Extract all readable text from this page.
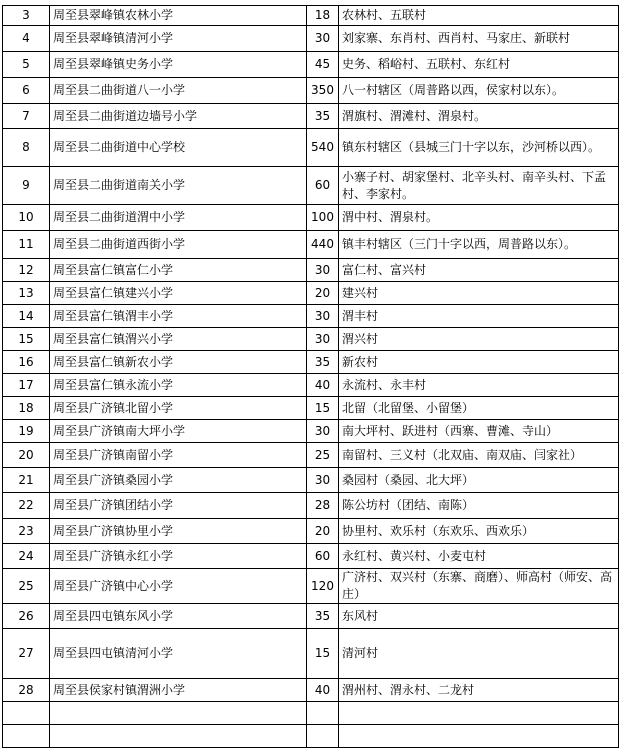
3	周至县翠峰镇农林小学	18	农林村、五联村
4	周至县翠峰镇清河小学	30	刘家寨、东肖村、西肖村、马家庄、新联村
5	周至县翠峰镇史务小学	45	史务、稻峪村、五联村、东红村
6	周至县二曲街道八一小学	350	八一村辖区（周普路以西，侯家村以东）。
7	周至县二曲街道边墙号小学	35	渭旗村、渭滩村、渭泉村。
8	周至县二曲街道中心学校	540	镇东村辖区（县城三门十字以东，沙河桥以西）。
9	周至县二曲街道南关小学	60	小寨子村、胡家堡村、北辛头村、南辛头村、下孟村、李家村。
10	周至县二曲街道渭中小学	100	渭中村、渭泉村。
11	周至县二曲街道西街小学	440	镇丰村辖区（三门十字以西，周普路以东）。
12	周至县富仁镇富仁小学	30	富仁村、富兴村
13	周至县富仁镇建兴小学	20	建兴村
14	周至县富仁镇渭丰小学	30	渭丰村
15	周至县富仁镇渭兴小学	30	渭兴村
16	周至县富仁镇新农小学	35	新农村
17	周至县富仁镇永流小学	40	永流村、永丰村
18	周至县广济镇北留小学	15	北留（北留堡、小留堡）
19	周至县广济镇南大坪小学	30	南大坪村、跃进村（西寨、曹滩、寺山）
20	周至县广济镇南留小学	25	南留村、三义村（北双庙、南双庙、闫家社）
21	周至县广济镇桑园小学	30	桑园村（桑园、北大坪）
22	周至县广济镇团结小学	28	陈公坊村（团结、南陈）
23	周至县广济镇协里小学	20	协里村、欢乐村（东欢乐、西欢乐）
24	周至县广济镇永红小学	60	永红村、黄兴村、小麦屯村
25	周至县广济镇中心小学	120	广济村、双兴村（东寨、商磨）、师高村（师安、高庄）
26	周至县四屯镇东风小学	35	东风村
27	周至县四屯镇清河小学	15	清河村
28	周至县侯家村镇渭洲小学	40	渭州村、渭永村、二龙村
